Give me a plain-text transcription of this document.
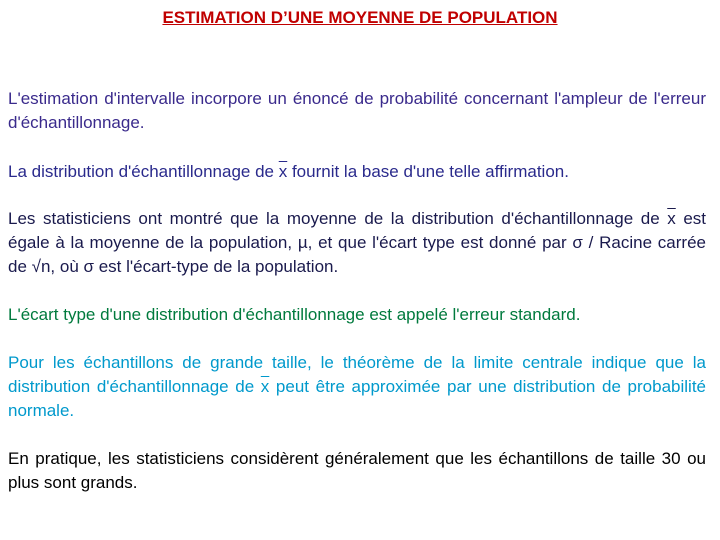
ESTIMATION D’UNE MOYENNE DE POPULATION
L'estimation d'intervalle incorpore un énoncé de probabilité concernant l'ampleur de l'erreur d'échantillonnage.
La distribution d'échantillonnage de $\overline{x}$ fournit la base d'une telle affirmation.
Les statisticiens ont montré que la moyenne de la distribution d'échantillonnage de $\overline{x}$ est égale à la moyenne de la population, µ, et que l'écart type est donné par σ / Racine carrée de √n, où σ est l'écart-type de la population.
L'écart type d'une distribution d'échantillonnage est appelé l'erreur standard.
Pour les échantillons de grande taille, le théorème de la limite centrale indique que la distribution d'échantillonnage de $\overline{x}$ peut être approximée par une distribution de probabilité normale.
En pratique, les statisticiens considèrent généralement que les échantillons de taille 30 ou plus sont grands.
